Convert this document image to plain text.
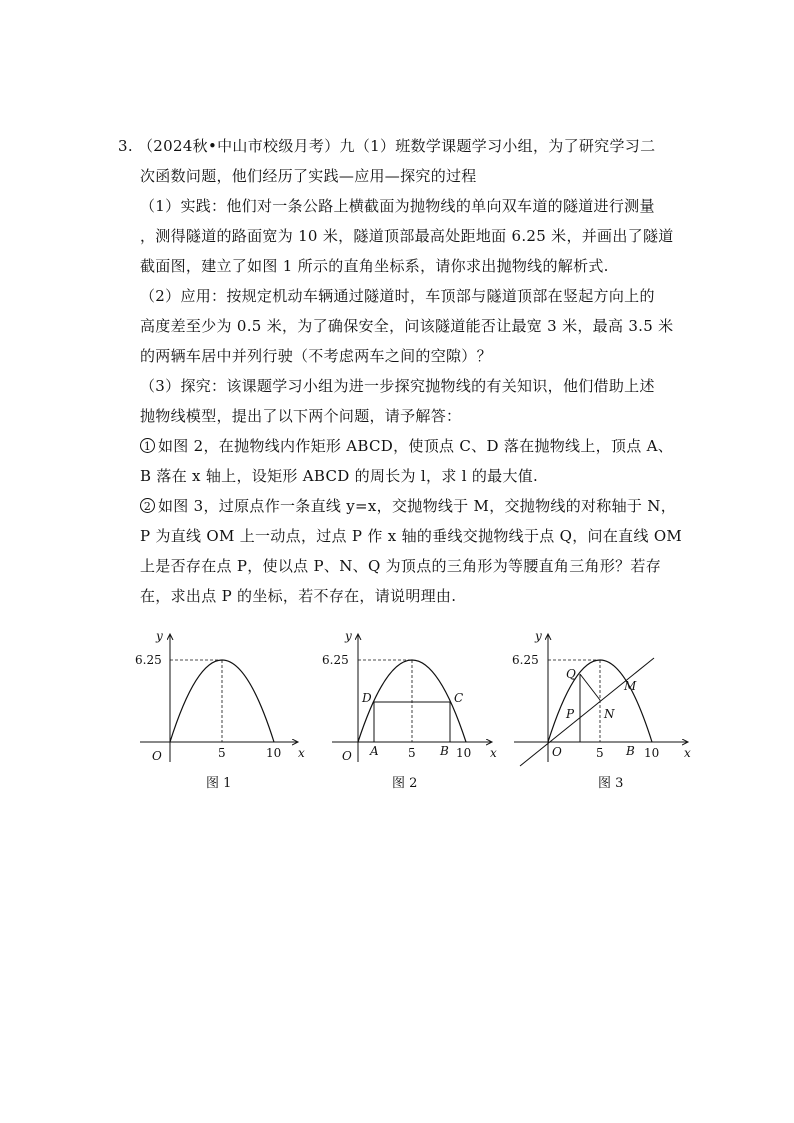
3. （2024秋•中山市校级月考）九（1）班数学课题学习小组，为了研究学习二
次函数问题，他们经历了实践—应用—探究的过程
（1）实践：他们对一条公路上横截面为抛物线的单向双车道的隧道进行测量
，测得隧道的路面宽为 10 米，隧道顶部最高处距地面 6.25 米，并画出了隧道
截面图，建立了如图 1 所示的直角坐标系，请你求出抛物线的解析式.
（2）应用：按规定机动车辆通过隧道时，车顶部与隧道顶部在竖起方向上的
高度差至少为 0.5 米，为了确保安全，问该隧道能否让最宽 3 米，最高 3.5 米
的两辆车居中并列行驶（不考虑两车之间的空隙）？
（3）探究：该课题学习小组为进一步探究抛物线的有关知识，他们借助上述
抛物线模型，提出了以下两个问题，请予解答：
1 如图 2，在抛物线内作矩形 ABCD，使顶点 C、D 落在抛物线上，顶点 A、
B 落在 x 轴上，设矩形 ABCD 的周长为 l，求 l 的最大值.
2 如图 3，过原点作一条直线 y=x，交抛物线于 M，交抛物线的对称轴于 N，
P 为直线 OM 上一动点，过点 P 作 x 轴的垂线交抛物线于点 Q，问在直线 OM
上是否存在点 P，使以点 P、N、Q 为顶点的三角形为等腰直角三角形？若存
在，求出点 P 的坐标，若不存在，请说明理由.
y
6.25
O	5	10 x
图 1
y
6.25
O A 5 B 10 x
D	C
图 2
y
6.25
O	5 B 10 x
Q
P N
M
图 3
